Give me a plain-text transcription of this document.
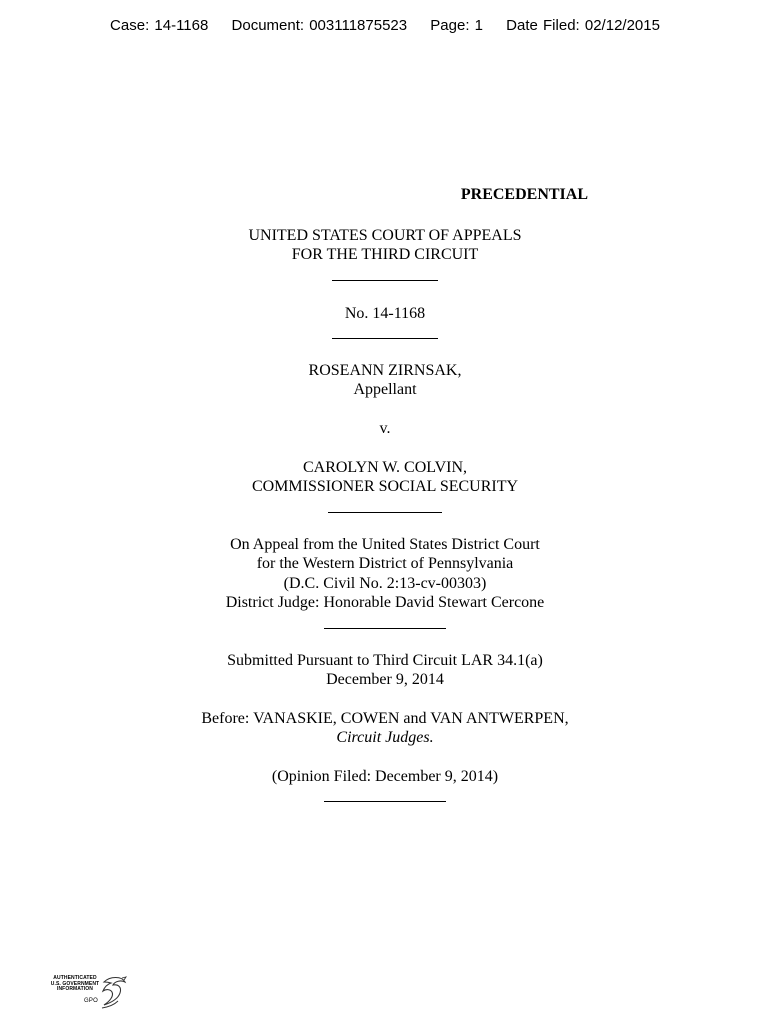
Case: 14-1168 Document: 003111875523 Page: 1 Date Filed: 02/12/2015
PRECEDENTIAL
UNITED STATES COURT OF APPEALS
FOR THE THIRD CIRCUIT
No. 14-1168
ROSEANN ZIRNSAK,
Appellant
v.
CAROLYN W. COLVIN,
COMMISSIONER SOCIAL SECURITY
On Appeal from the United States District Court
for the Western District of Pennsylvania
(D.C. Civil No. 2:13-cv-00303)
District Judge: Honorable David Stewart Cercone
Submitted Pursuant to Third Circuit LAR 34.1(a)
December 9, 2014
Before: VANASKIE, COWEN and VAN ANTWERPEN,
Circuit Judges.
(Opinion Filed: December 9, 2014)
AUTHENTICATED
U.S. GOVERNMENT
INFORMATION
GPO
